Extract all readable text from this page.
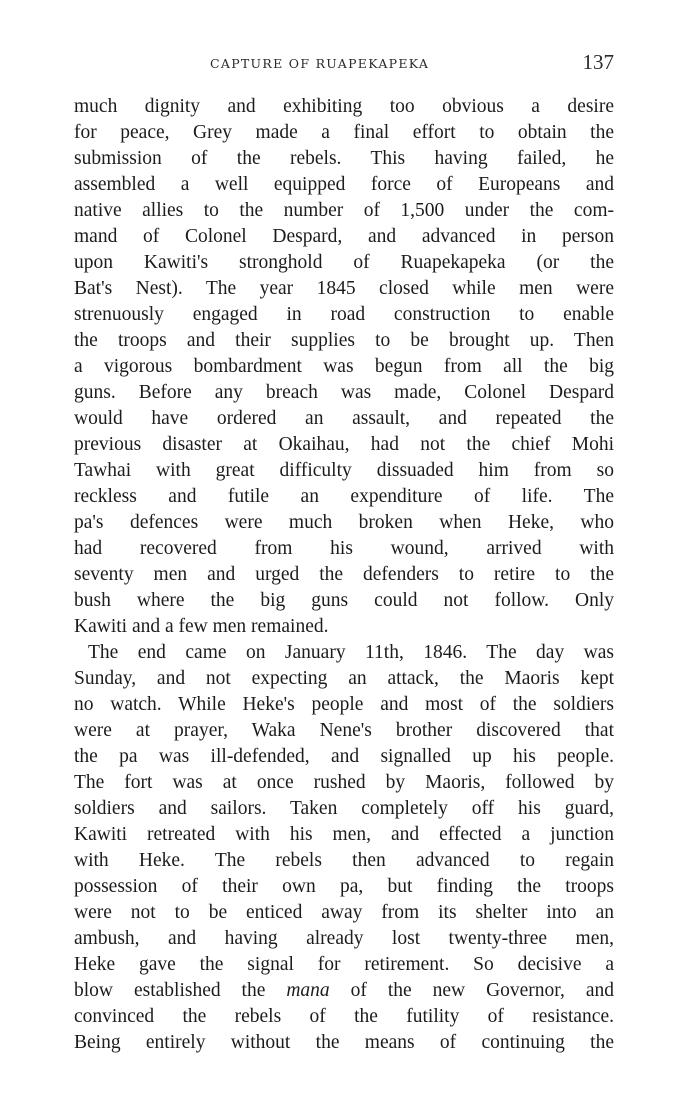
CAPTURE OF RUAPEKAPEKA	137
much dignity and exhibiting too obvious a desire
for peace, Grey made a final effort to obtain the
submission of the rebels. This having failed, he
assembled a well equipped force of Europeans and
native allies to the number of 1,500 under the com-
mand of Colonel Despard, and advanced in person
upon Kawiti's stronghold of Ruapekapeka (or the
Bat's Nest). The year 1845 closed while men were
strenuously engaged in road construction to enable
the troops and their supplies to be brought up. Then
a vigorous bombardment was begun from all the big
guns. Before any breach was made, Colonel Despard
would have ordered an assault, and repeated the
previous disaster at Okaihau, had not the chief Mohi
Tawhai with great difficulty dissuaded him from so
reckless and futile an expenditure of life. The
pa's defences were much broken when Heke, who
had recovered from his wound, arrived with
seventy men and urged the defenders to retire to the
bush where the big guns could not follow. Only
Kawiti and a few men remained.
The end came on January 11th, 1846. The day was
Sunday, and not expecting an attack, the Maoris kept
no watch. While Heke's people and most of the soldiers
were at prayer, Waka Nene's brother discovered that
the pa was ill-defended, and signalled up his people.
The fort was at once rushed by Maoris, followed by
soldiers and sailors. Taken completely off his guard,
Kawiti retreated with his men, and effected a junction
with Heke. The rebels then advanced to regain
possession of their own pa, but finding the troops
were not to be enticed away from its shelter into an
ambush, and having already lost twenty-three men,
Heke gave the signal for retirement. So decisive a
blow established the mana of the new Governor, and
convinced the rebels of the futility of resistance.
Being entirely without the means of continuing the
